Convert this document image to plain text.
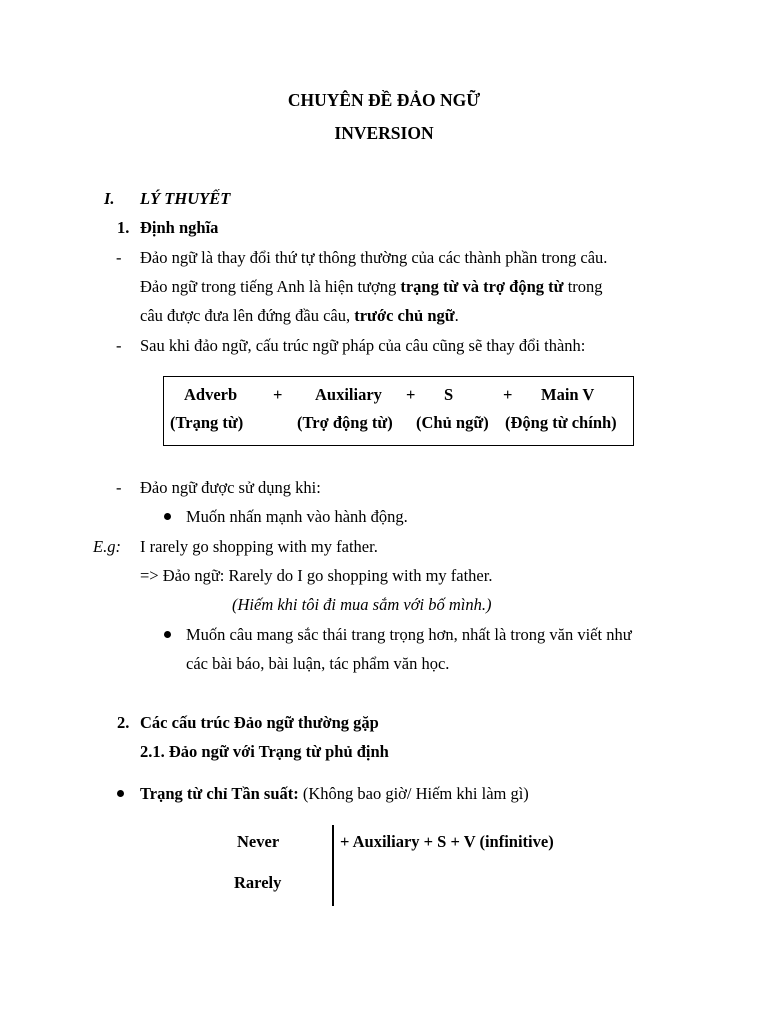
CHUYÊN ĐỀ ĐẢO NGỮ
INVERSION
I. LÝ THUYẾT
1. Định nghĩa
- Đảo ngữ là thay đổi thứ tự thông thường của các thành phần trong câu.
Đảo ngữ trong tiếng Anh là hiện tượng trạng từ và trợ động từ trong
câu được đưa lên đứng đầu câu, trước chủ ngữ.
- Sau khi đảo ngữ, cấu trúc ngữ pháp của câu cũng sẽ thay đổi thành:
Adverb + Auxiliary + S	+ Main V
(Trạng từ)	(Trợ động từ) (Chủ ngữ) (Động từ chính)
- Đảo ngữ được sử dụng khi:
Muốn nhấn mạnh vào hành động.
E.g: I rarely go shopping with my father.
=> Đảo ngữ: Rarely do I go shopping with my father.
(Hiếm khi tôi đi mua sắm với bố mình.)
Muốn câu mang sắc thái trang trọng hơn, nhất là trong văn viết như
các bài báo, bài luận, tác phẩm văn học.
2. Các cấu trúc Đảo ngữ thường gặp
2.1. Đảo ngữ với Trạng từ phủ định
Trạng từ chỉ Tần suất: (Không bao giờ/ Hiếm khi làm gì)
Never
Rarely
+ Auxiliary + S + V (infinitive)
